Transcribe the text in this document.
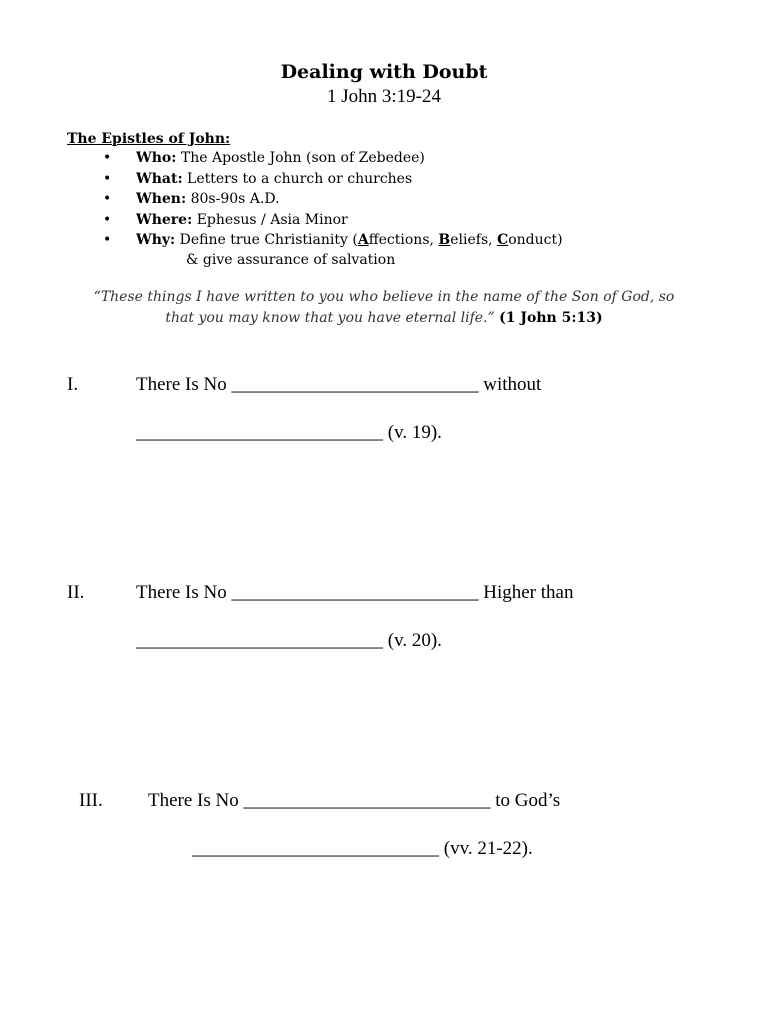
Dealing with Doubt
1 John 3:19-24
The Epistles of John:
• Who: The Apostle John (son of Zebedee)
• What: Letters to a church or churches
• When: 80s-90s A.D.
• Where: Ephesus / Asia Minor
• Why: Define true Christianity (Affections, Beliefs, Conduct)
& give assurance of salvation
“These things I have written to you who believe in the name of the Son of God, so
that you may know that you have eternal life.” (1 John 5:13)
I.	There Is No __________________________ without
__________________________ (v. 19).
II.	There Is No __________________________ Higher than
__________________________ (v. 20).
III. There Is No __________________________ to God’s
__________________________ (vv. 21-22).
